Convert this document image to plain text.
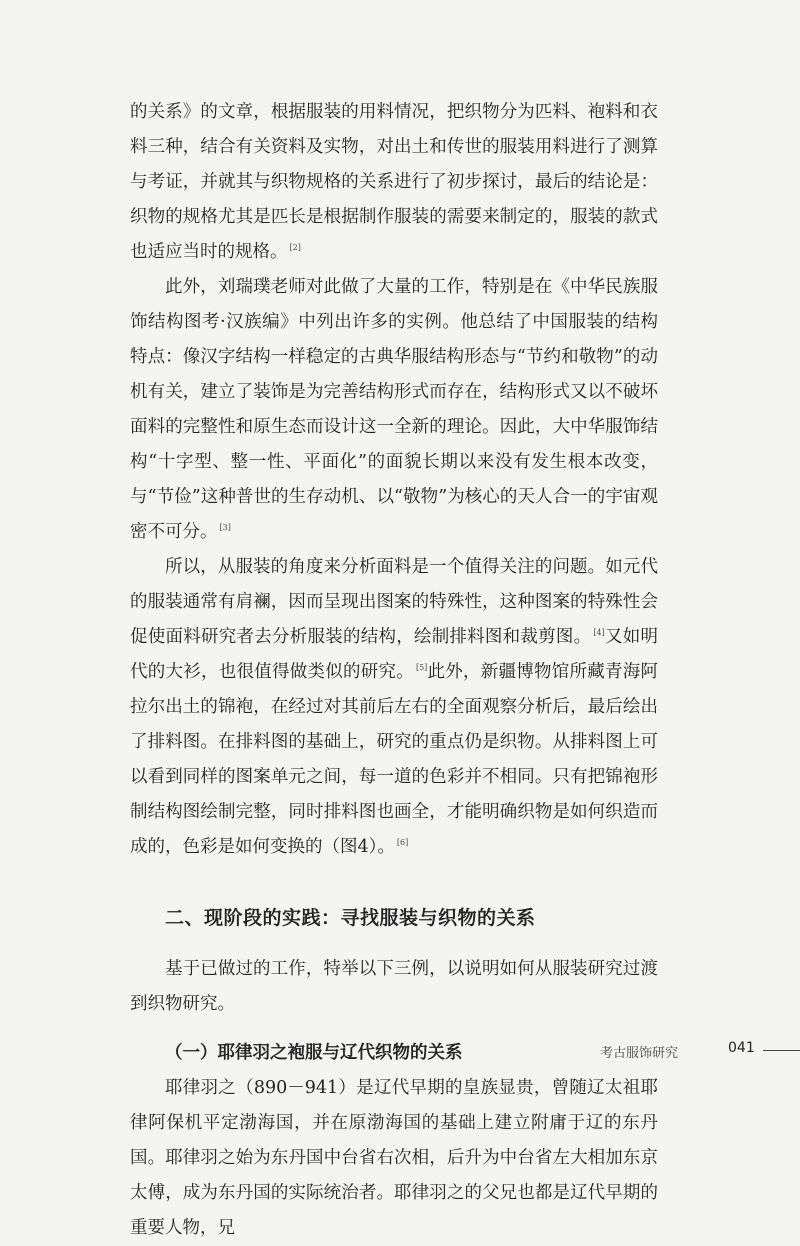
的关系》的文章，根据服装的用料情况，把织物分为匹料、袍料和衣料三种，结合有关资料及实物，对出土和传世的服装用料进行了测算与考证，并就其与织物规格的关系进行了初步探讨，最后的结论是：织物的规格尤其是匹长是根据制作服装的需要来制定的，服装的款式也适应当时的规格。 [2]

此外，刘瑞璞老师对此做了大量的工作，特别是在《中华民族服饰结构图考·汉族编》中列出许多的实例。他总结了中国服装的结构特点：像汉字结构一样稳定的古典华服结构形态与“节约和敬物”的动机有关，建立了装饰是为完善结构形式而存在，结构形式又以不破坏面料的完整性和原生态而设计这一全新的理论。因此，大中华服饰结构“十字型、整一性、平面化”的面貌长期以来没有发生根本改变，与“节俭”这种普世的生存动机、以“敬物”为核心的天人合一的宇宙观密不可分。 [3]

所以，从服装的角度来分析面料是一个值得关注的问题。如元代的服装通常有肩襕，因而呈现出图案的特殊性，这种图案的特殊性会促使面料研究者去分析服装的结构，绘制排料图和裁剪图。 [4]又如明代的大衫，也很值得做类似的研究。 [5]此外，新疆博物馆所藏青海阿拉尔出土的锦袍，在经过对其前后左右的全面观察分析后，最后绘出了排料图。在排料图的基础上，研究的重点仍是织物。从排料图上可以看到同样的图案单元之间，每一道的色彩并不相同。只有把锦袍形制结构图绘制完整，同时排料图也画全，才能明确织物是如何织造而成的，色彩是如何变换的（图4）。 [6]

二、现阶段的实践：寻找服装与织物的关系

基于已做过的工作，特举以下三例，以说明如何从服装研究过渡到织物研究。

（一）耶律羽之袍服与辽代织物的关系

耶律羽之（890－941）是辽代早期的皇族显贵，曾随辽太祖耶律阿保机平定渤海国，并在原渤海国的基础上建立附庸于辽的东丹国。耶律羽之始为东丹国中台省右次相，后升为中台省左大相加东京太傅，成为东丹国的实际统治者。耶律羽之的父兄也都是辽代早期的重要人物，兄

考古服饰研究	041
